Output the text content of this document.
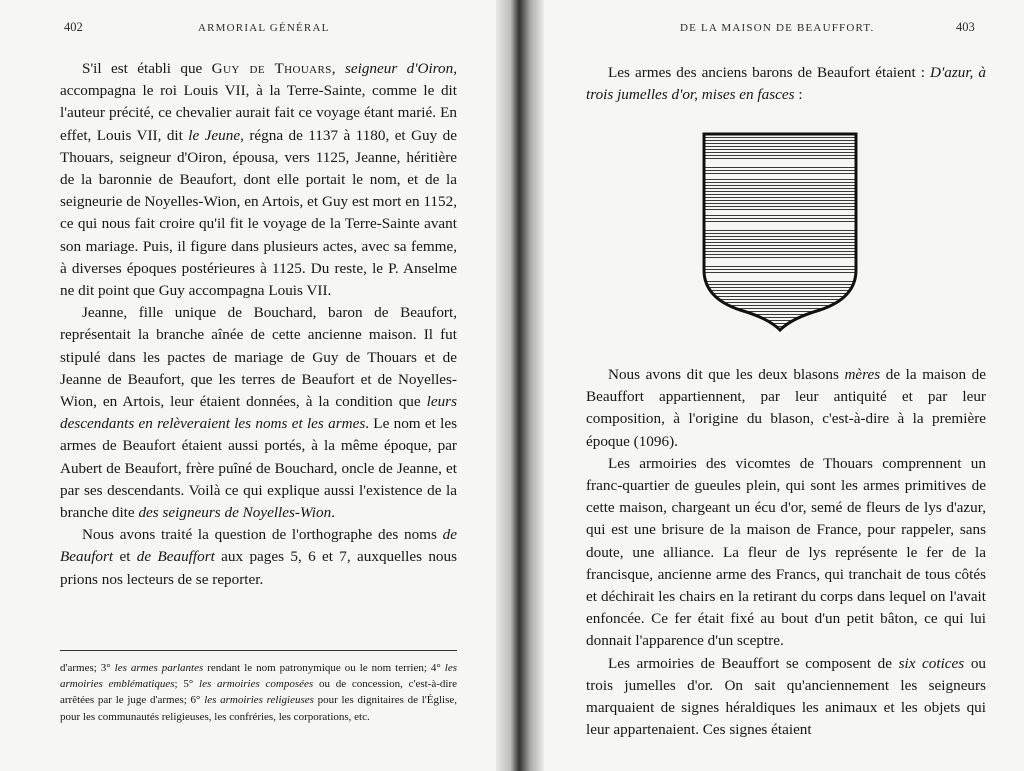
402	ARMORIAL GÉNÉRAL

S'il est établi que Guy de Thouars, seigneur d'Oiron, accompagna le roi Louis VII, à la Terre-Sainte, comme le dit l'auteur précité, ce chevalier aurait fait ce voyage étant marié. En effet, Louis VII, dit le Jeune, régna de 1137 à 1180, et Guy de Thouars, seigneur d'Oiron, épousa, vers 1125, Jeanne, héritière de la baronnie de Beaufort, dont elle portait le nom, et de la seigneurie de Noyelles-Wion, en Artois, et Guy est mort en 1152, ce qui nous fait croire qu'il fit le voyage de la Terre-Sainte avant son mariage. Puis, il figure dans plusieurs actes, avec sa femme, à diverses époques postérieures à 1125. Du reste, le P. Anselme ne dit point que Guy accompagna Louis VII.

Jeanne, fille unique de Bouchard, baron de Beaufort, représentait la branche aînée de cette ancienne maison. Il fut stipulé dans les pactes de mariage de Guy de Thouars et de Jeanne de Beaufort, que les terres de Beaufort et de Noyelles-Wion, en Artois, leur étaient données, à la condition que leurs descendants en relèveraient les noms et les armes. Le nom et les armes de Beaufort étaient aussi portés, à la même époque, par Aubert de Beaufort, frère puîné de Bouchard, oncle de Jeanne, et par ses descendants. Voilà ce qui explique aussi l'existence de la branche dite des seigneurs de Noyelles-Wion.

Nous avons traité la question de l'orthographe des noms de Beaufort et de Beauffort aux pages 5, 6 et 7, auxquelles nous prions nos lecteurs de se reporter.

d'armes; 3° les armes parlantes rendant le nom patronymique ou le nom terrien; 4° les armoiries emblématiques; 5° les armoiries composées ou de concession, c'est-à-dire arrêtées par le juge d'armes; 6° les armoiries religieuses pour les dignitaires de l'Église, pour les communautés religieuses, les confréries, les corporations, etc.
DE LA MAISON DE BEAUFFORT.	403

Les armes des anciens barons de Beaufort étaient : D'azur, à trois jumelles d'or, mises en fasces :

Nous avons dit que les deux blasons mères de la maison de Beauffort appartiennent, par leur antiquité et par leur composition, à l'origine du blason, c'est-à-dire à la première époque (1096).

Les armoiries des vicomtes de Thouars comprennent un franc-quartier de gueules plein, qui sont les armes primitives de cette maison, chargeant un écu d'or, semé de fleurs de lys d'azur, qui est une brisure de la maison de France, pour rappeler, sans doute, une alliance. La fleur de lys représente le fer de la francisque, ancienne arme des Francs, qui tranchait de tous côtés et déchirait les chairs en la retirant du corps dans lequel on l'avait enfoncée. Ce fer était fixé au bout d'un petit bâton, ce qui lui donnait l'apparence d'un sceptre.

Les armoiries de Beauffort se composent de six cotices ou trois jumelles d'or. On sait qu'anciennement les seigneurs marquaient de signes héraldiques les animaux et les objets qui leur appartenaient. Ces signes étaient
